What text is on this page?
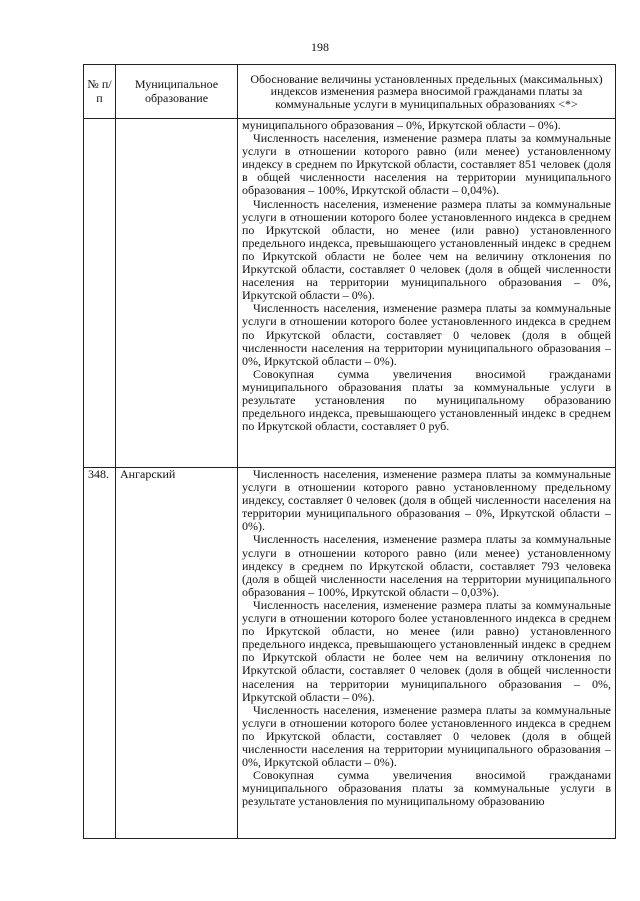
198
№ п/п	Муниципальное образование	Обоснование величины установленных предельных (максимальных) индексов изменения размера вносимой гражданами платы за коммунальные услуги в муниципальных образованиях <*>

		муниципального образования – 0%, Иркутской области – 0%).

Численность населения, изменение размера платы за коммунальные услуги в отношении которого равно (или менее) установленному индексу в среднем по Иркутской области, составляет 851 человек (доля в общей численности населения на территории муниципального образования – 100%, Иркутской области – 0,04%).

Численность населения, изменение размера платы за коммунальные услуги в отношении которого более установленного индекса в среднем по Иркутской области, но менее (или равно) установленного предельного индекса, превышающего установленный индекс в среднем по Иркутской области не более чем на величину отклонения по Иркутской области, составляет 0 человек (доля в общей численности населения на территории муниципального образования – 0%, Иркутской области – 0%).

Численность населения, изменение размера платы за коммунальные услуги в отношении которого более установленного индекса в среднем по Иркутской области, составляет 0 человек (доля в общей численности населения на территории муниципального образования – 0%, Иркутской области – 0%).

Совокупная сумма увеличения вносимой гражданами муниципального образования платы за коммунальные услуги в результате установления по муниципальному образованию предельного индекса, превышающего установленный индекс в среднем по Иркутской области, составляет 0 руб.

348.	Ангарский	Численность населения, изменение размера платы за коммунальные услуги в отношении которого равно установленному предельному индексу, составляет 0 человек (доля в общей численности населения на территории муниципального образования – 0%, Иркутской области – 0%).

Численность населения, изменение размера платы за коммунальные услуги в отношении которого равно (или менее) установленному индексу в среднем по Иркутской области, составляет 793 человека (доля в общей численности населения на территории муниципального образования – 100%, Иркутской области – 0,03%).

Численность населения, изменение размера платы за коммунальные услуги в отношении которого более установленного индекса в среднем по Иркутской области, но менее (или равно) установленного предельного индекса, превышающего установленный индекс в среднем по Иркутской области не более чем на величину отклонения по Иркутской области, составляет 0 человек (доля в общей численности населения на территории муниципального образования – 0%, Иркутской области – 0%).

Численность населения, изменение размера платы за коммунальные услуги в отношении которого более установленного индекса в среднем по Иркутской области, составляет 0 человек (доля в общей численности населения на территории муниципального образования – 0%, Иркутской области – 0%).

Совокупная сумма увеличения вносимой гражданами муниципального образования платы за коммунальные услуги в результате установления по муниципальному образованию
